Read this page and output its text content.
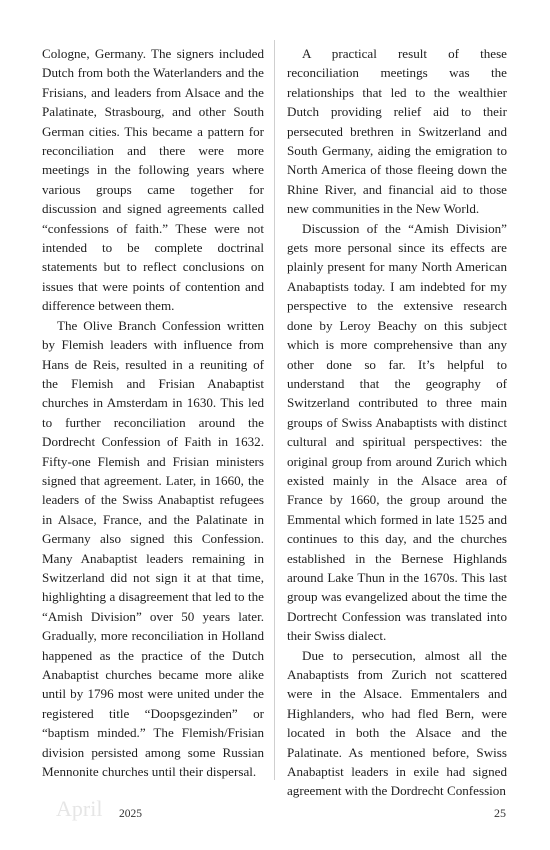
Cologne, Germany. The signers included Dutch from both the Waterlanders and the Frisians, and leaders from Alsace and the Palatinate, Strasbourg, and other South German cities. This became a pattern for reconciliation and there were more meetings in the following years where various groups came together for discussion and signed agreements called “confessions of faith.” These were not intended to be complete doctrinal statements but to reflect conclusions on issues that were points of contention and difference between them.

The Olive Branch Confession written by Flemish leaders with influence from Hans de Reis, resulted in a reuniting of the Flemish and Frisian Anabaptist churches in Amsterdam in 1630. This led to further reconciliation around the Dordrecht Confession of Faith in 1632. Fifty-one Flemish and Frisian ministers signed that agreement. Later, in 1660, the leaders of the Swiss Anabaptist refugees in Alsace, France, and the Palatinate in Germany also signed this Confession. Many Anabaptist leaders remaining in Switzerland did not sign it at that time, highlighting a disagreement that led to the “Amish Division” over 50 years later. Gradually, more reconciliation in Holland happened as the practice of the Dutch Anabaptist churches became more alike until by 1796 most were united under the registered title “Doopsgezinden” or “baptism minded.” The Flemish/Frisian division persisted among some Russian Mennonite churches until their dispersal.

A practical result of these reconciliation meetings was the relationships that led to the wealthier Dutch providing relief aid to their persecuted brethren in Switzerland and South Germany, aiding the emigration to North America of those fleeing down the Rhine River, and financial aid to those new communities in the New World.

Discussion of the “Amish Division” gets more personal since its effects are plainly present for many North American Anabaptists today. I am indebted for my perspective to the extensive research done by Leroy Beachy on this subject which is more comprehensive than any other done so far. It’s helpful to understand that the geography of Switzerland contributed to three main groups of Swiss Anabaptists with distinct cultural and spiritual perspectives: the original group from around Zurich which existed mainly in the Alsace area of France by 1660, the group around the Emmental which formed in late 1525 and continues to this day, and the churches established in the Bernese Highlands around Lake Thun in the 1670s. This last group was evangelized about the time the Dortrecht Confession was translated into their Swiss dialect.

Due to persecution, almost all the Anabaptists from Zurich not scattered were in the Alsace. Emmentalers and Highlanders, who had fled Bern, were located in both the Alsace and the Palatinate. As mentioned before, Swiss Anabaptist leaders in exile had signed agreement with the Dordrecht Confession

April 2025	25
